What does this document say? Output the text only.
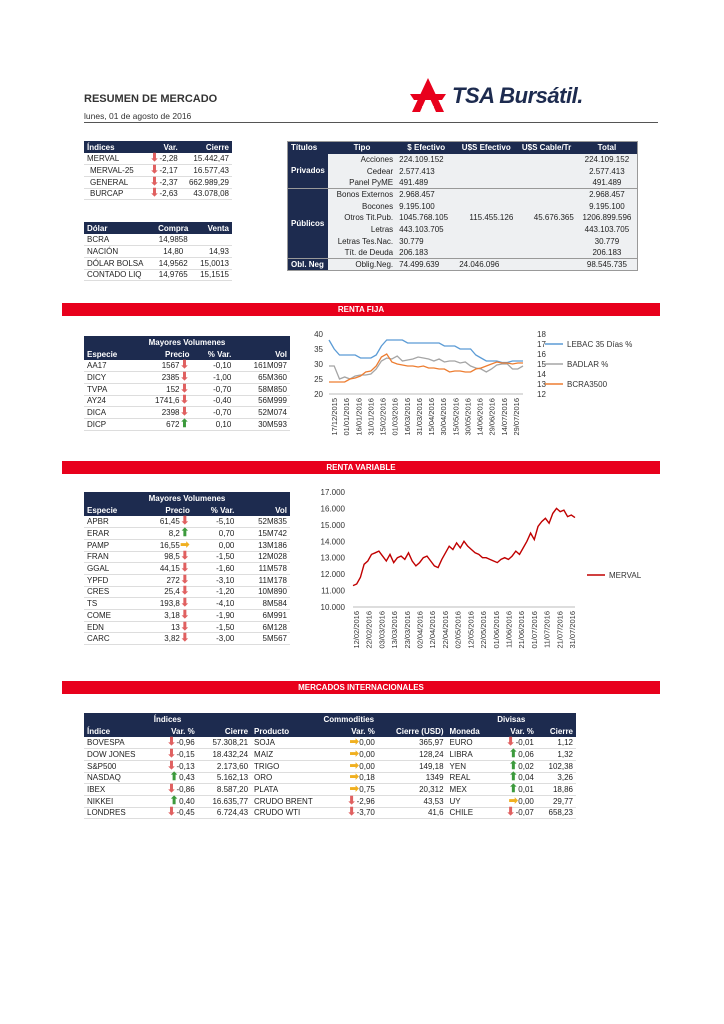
RESUMEN DE MERCADO
lunes, 01 de agosto de 2016
TSA Bursátil.
Índices	Var.	Cierre
MERVAL	⬇-2,28	15.442,47
MERVAL-25	⬇-2,17	16.577,43
GENERAL	⬇-2,37	662.989,29
BURCAP	⬇-2,63	43.078,08
Dólar	Compra	Venta
BCRA	14,9858	
NACIÓN	14,80	14,93
DÓLAR BOLSA	14,9562	15,0013
CONTADO LIQ	14,9765	15,1515
Títulos	Tipo	$ Efectivo	U$S Efectivo	U$S Cable/Tr	Total
Privados	Acciones	224.109.152			224.109.152
	Cedear	2.577.413			2.577.413
	Panel PyME	491.489			491.489
Públicos	Bonos Externos	2.968.457			2.968.457
	Bocones	9.195.100			9.195.100
	Otros Tit.Pub.	1045.768.105	115.455.126	45.676.365	1206.899.596
	Letras	443.103.705			443.103.705
	Letras Tes.Nac.	30.779			30.779
	Tít. de Deuda	206.183			206.183
Obl. Neg	Oblig.Neg.	74.499.639	24.046.096		98.545.735
RENTA FIJA
Mayores Volumenes			
Especie	Precio	% Var.	Vol
AA17	1567⬇	-0,10	161M097
DICY	2385⬇	-1,00	65M360
TVPA	152⬇	-0,70	58M850
AY24	1741,6⬇	-0,40	56M999
DICA	2398⬇	-0,70	52M074
DICP	672⬆	0,10	30M593
40
35
30
25
20
18
17
16
15
14
13
12
17/12/2015 01/01/2016 16/01/2016 31/01/2016 15/02/2016 01/03/2016 16/03/2016 31/03/2016 15/04/2016 30/04/2016 15/05/2016 30/05/2016 14/06/2016 29/06/2016 14/07/2016 29/07/2016
LEBAC 35 Días %
BADLAR %
BCRA3500
RENTA VARIABLE
Mayores Volumenes			
Especie	Precio	% Var.	Vol
APBR	61,45⬇	-5,10	52M835
ERAR	8,2⬆	0,70	15M742
PAMP	16,55➡	0,00	13M186
FRAN	98,5⬇	-1,50	12M028
GGAL	44,15⬇	-1,60	11M578
YPFD	272⬇	-3,10	11M178
CRES	25,4⬇	-1,20	10M890
TS	193,8⬇	-4,10	8M584
COME	3,18⬇	-1,90	6M991
EDN	13⬇	-1,50	6M128
CARC	3,82⬇	-3,00	5M567
17.000
16.000
15.000
14.000
13.000
12.000
11.000
10.000
12/02/2016 22/02/2016 03/03/2016 13/03/2016 23/03/2016 02/04/2016 12/04/2016 22/04/2016 02/05/2016 12/05/2016 22/05/2016 01/06/2016 11/06/2016 21/06/2016 01/07/2016 11/07/2016 21/07/2016 31/07/2016
MERVAL
MERCADOS INTERNACIONALES
Índices			Commodities			Divisas		
Índice	Var. %	Cierre	Producto	Var. %	Cierre (USD)	Moneda	Var. %	Cierre
BOVESPA	⬇-0,96	57.308,21	SOJA	➡0,00	365,97	EURO	⬇-0,01	1,12
DOW JONES	⬇-0,15	18.432,24	MAIZ	➡0,00	128,24	LIBRA	⬆0,06	1,32
S&P500	⬇-0,13	2.173,60	TRIGO	➡0,00	149,18	YEN	⬆0,02	102,38
NASDAQ	⬆0,43	5.162,13	ORO	➡0,18	1349	REAL	⬆0,04	3,26
IBEX	⬇-0,86	8.587,20	PLATA	➡0,75	20,312	MEX	⬆0,01	18,86
NIKKEI	⬆0,40	16.635,77	CRUDO BRENT	⬇-2,96	43,53	UY	➡0,00	29,77
LONDRES	⬇-0,45	6.724,43	CRUDO WTI	⬇-3,70	41,6	CHILE	⬇-0,07	658,23
